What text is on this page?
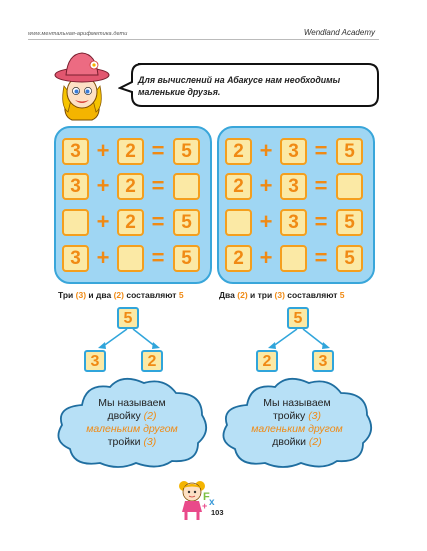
www.ментальная-арифметика.дети	Wendland Academy
Для вычислений на Абакусе нам необходимы маленькие друзья.
3 + 2 = 5
3 + 2 =
+ 2 = 5
3 + = 5
2 + 3 = 5
2 + 3 =
+ 3 = 5
2 + = 5
Три (3) и два (2) составляют 5	Два (2) и три (3) составляют 5
5
3	2
5
2	3
Мы называем
двойку (2)
маленьким другом
тройки (3)
Мы называем
тройку (3)
маленьким другом
двойки (2)
F x
+
103
